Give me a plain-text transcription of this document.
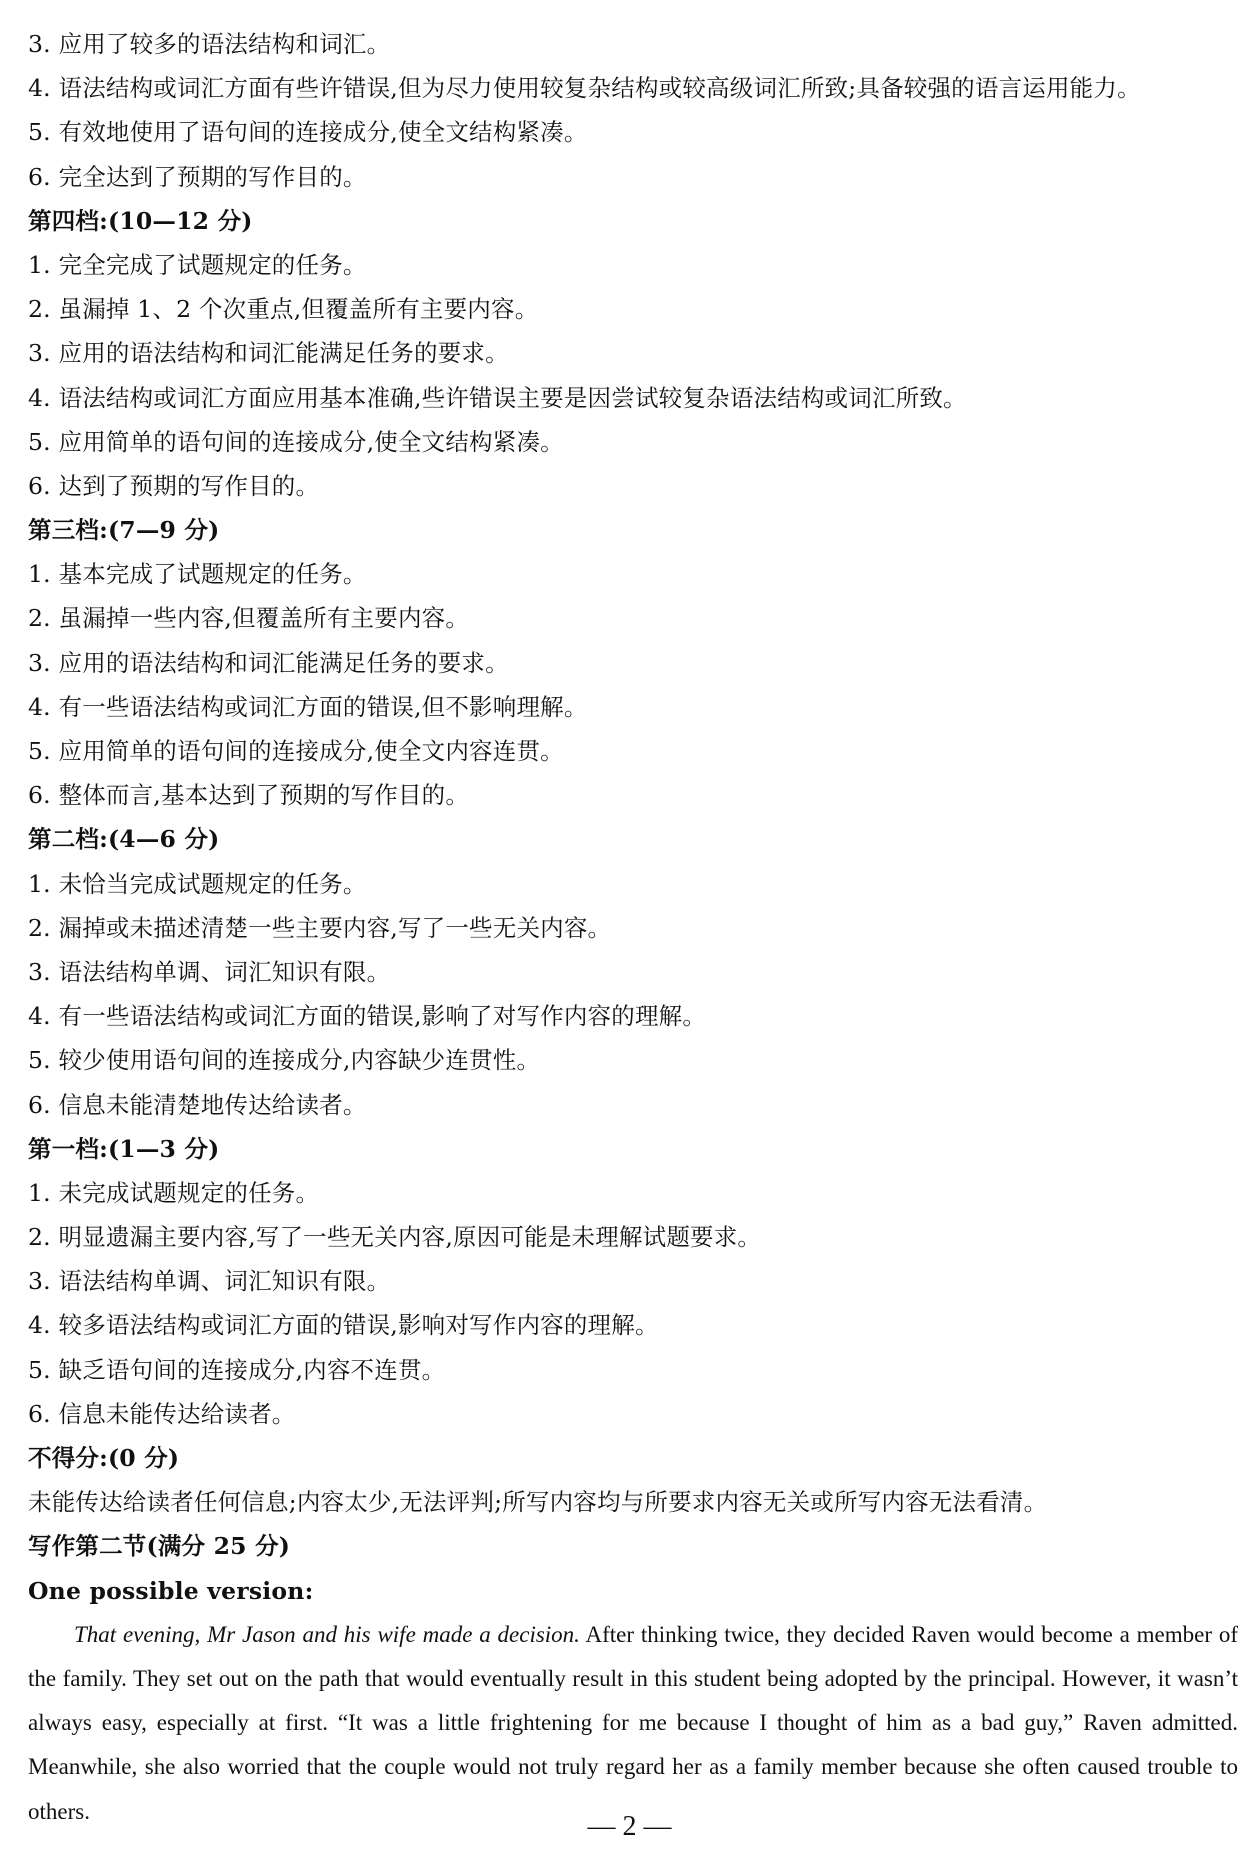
3. 应用了较多的语法结构和词汇。
4. 语法结构或词汇方面有些许错误,但为尽力使用较复杂结构或较高级词汇所致;具备较强的语言运用能力。
5. 有效地使用了语句间的连接成分,使全文结构紧凑。
6. 完全达到了预期的写作目的。
第四档:(10—12 分)
1. 完全完成了试题规定的任务。
2. 虽漏掉 1、2 个次重点,但覆盖所有主要内容。
3. 应用的语法结构和词汇能满足任务的要求。
4. 语法结构或词汇方面应用基本准确,些许错误主要是因尝试较复杂语法结构或词汇所致。
5. 应用简单的语句间的连接成分,使全文结构紧凑。
6. 达到了预期的写作目的。
第三档:(7—9 分)
1. 基本完成了试题规定的任务。
2. 虽漏掉一些内容,但覆盖所有主要内容。
3. 应用的语法结构和词汇能满足任务的要求。
4. 有一些语法结构或词汇方面的错误,但不影响理解。
5. 应用简单的语句间的连接成分,使全文内容连贯。
6. 整体而言,基本达到了预期的写作目的。
第二档:(4—6 分)
1. 未恰当完成试题规定的任务。
2. 漏掉或未描述清楚一些主要内容,写了一些无关内容。
3. 语法结构单调、词汇知识有限。
4. 有一些语法结构或词汇方面的错误,影响了对写作内容的理解。
5. 较少使用语句间的连接成分,内容缺少连贯性。
6. 信息未能清楚地传达给读者。
第一档:(1—3 分)
1. 未完成试题规定的任务。
2. 明显遗漏主要内容,写了一些无关内容,原因可能是未理解试题要求。
3. 语法结构单调、词汇知识有限。
4. 较多语法结构或词汇方面的错误,影响对写作内容的理解。
5. 缺乏语句间的连接成分,内容不连贯。
6. 信息未能传达给读者。
不得分:(0 分)
未能传达给读者任何信息;内容太少,无法评判;所写内容均与所要求内容无关或所写内容无法看清。
写作第二节(满分 25 分)
One possible version:
That evening, Mr Jason and his wife made a decision. After thinking twice, they decided Raven would become a member of the family. They set out on the path that would eventually result in this student being adopted by the principal. However, it wasn’t always easy, especially at first. “It was a little frightening for me because I thought of him as a bad guy,” Raven admitted. Meanwhile, she also worried that the couple would not truly regard her as a family member because she often caused trouble to others.	— 2 —
